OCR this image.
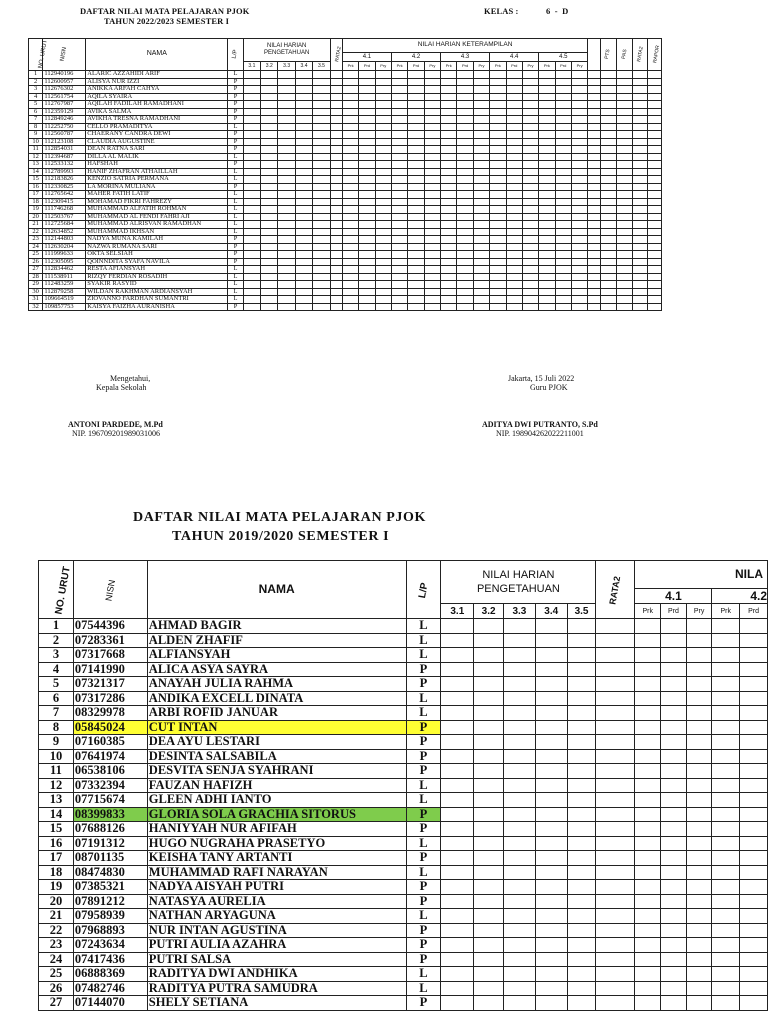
DAFTAR NILAI MATA PELAJARAN PJOK
TAHUN 2022/2023 SEMESTER I
KELAS :	6  -  D
NO. URUT	NISN	NAMA	L/P	NILAI HARIAN PENGETAHUAN					RATA2	NILAI HARIAN KETERAMPILAN																PTS	PAS	RATA2	RAPOR
										4.1			4.2			4.3			4.4			4.5							
				3.1	3.2	3.3	3.4	3.5		Prk	Prd	Pry	Prk	Prd	Pry	Prk	Prd	Pry	Prk	Prd	Pry	Prk	Prd	Pry					
1	112940196	ALARIC AZZAHIDI ARIF	L																										
2	112600957	ALISYA NUR IZZI	P																										
3	112676302	ANIKKA ARFAH CAHYA	P																										
4	112561754	AQILA SYAIRA	P																										
5	112767987	AQILAH FADILAH RAMADHANI	P																										
6	112359129	AVIKA SALMA	P																										
7	112849246	AVIKHA TRESNA RAMADHANI	P																										
8	112252750	CELLO PRAMADITYA	L																										
9	112560787	CHAERANY CANDRA DEWI	P																										
10	112123108	CLAUDIA AUGUSTINE	P																										
11	112854031	DEAN RATNA SARI	P																										
12	112394687	DILLA AL MALIK	L																										
13	112533132	HAFSHAH	P																										
14	112789993	HANIF ZHAFRAN ATHAILLAH	L																										
15	112183826	KENZIO SATRIA PERMANA	L																										
16	112330825	LA MORINA MULIANA	P																										
17	112765642	MAHER FATIH LATIF	L																										
18	112309415	MOHAMAD FIKRI FAHREZY	L																										
19	111746268	MUHAMMAD ALFATIH ROHMAN	L																										
20	112503767	MUHAMMAD AL FENDI FAHRI AJI	L																										
21	112725684	MUHAMMAD ALRISVAN RAMADHAN	L																										
22	112634852	MUHAMMAD IKHSAN	L																										
23	112144803	NADYA MUNA KAMILAH	P																										
24	112630204	NAZWA RUMANA SARI	P																										
25	111999633	OKTA SELSIAH	P																										
26	112305095	QOINNDITA SYAFA NAVILA	P																										
27	112834462	RESTA AFIANSYAH	L																										
28	111538911	RIZQY FERDIAN ROSADIH	L																										
29	112483259	SYAKIR RASYID	L																										
30	112879258	WILDAN RAKHMAN ARDIANSYAH	L																										
31	109664519	ZIOVANNO FARDHAN SUMANTRI	L																										
32	109857753	KAISYA FAIZHA AURANISHA	P																										
Mengetahui,
Kepala Sekolah
ANTONI PARDEDE, M.Pd
NIP. 196709201989031006
Jakarta, 15 Juli 2022
Guru PJOK
ADITYA DWI PUTRANTO, S.Pd
NIP. 198904262022211001
DAFTAR NILAI MATA PELAJARAN PJOK
TAHUN 2019/2020 SEMESTER I
NO. URUT	NISN	NAMA	L/P	NILAI HARIAN PENGETAHUAN					RATA2	NILA				
										4.1			4.2	
				3.1	3.2	3.3	3.4	3.5		Prk	Prd	Pry	Prk	Prd
1	07544396	AHMAD BAGIR	L											
2	07283361	ALDEN ZHAFIF	L											
3	07317668	ALFIANSYAH	L											
4	07141990	ALICA ASYA SAYRA	P											
5	07321317	ANAYAH JULIA RAHMA	P											
6	07317286	ANDIKA EXCELL DINATA	L											
7	08329978	ARBI ROFID JANUAR	L											
8	05845024	CUT INTAN	P											
9	07160385	DEA AYU LESTARI	P											
10	07641974	DESINTA SALSABILA	P											
11	06538106	DESVITA SENJA SYAHRANI	P											
12	07332394	FAUZAN HAFIZH	L											
13	07715674	GLEEN ADHI IANTO	L											
14	08399833	GLORIA SOLA GRACHIA SITORUS	P											
15	07688126	HANIYYAH NUR AFIFAH	P											
16	07191312	HUGO NUGRAHA PRASETYO	L											
17	08701135	KEISHA TANY ARTANTI	P											
18	08474830	MUHAMMAD RAFI NARAYAN	L											
19	07385321	NADYA AISYAH PUTRI	P											
20	07891212	NATASYA AURELIA	P											
21	07958939	NATHAN ARYAGUNA	L											
22	07968893	NUR INTAN AGUSTINA	P											
23	07243634	PUTRI AULIA AZAHRA	P											
24	07417436	PUTRI SALSA	P											
25	06888369	RADITYA DWI ANDHIKA	L											
26	07482746	RADITYA PUTRA SAMUDRA	L											
27	07144070	SHELY SETIANA	P											
